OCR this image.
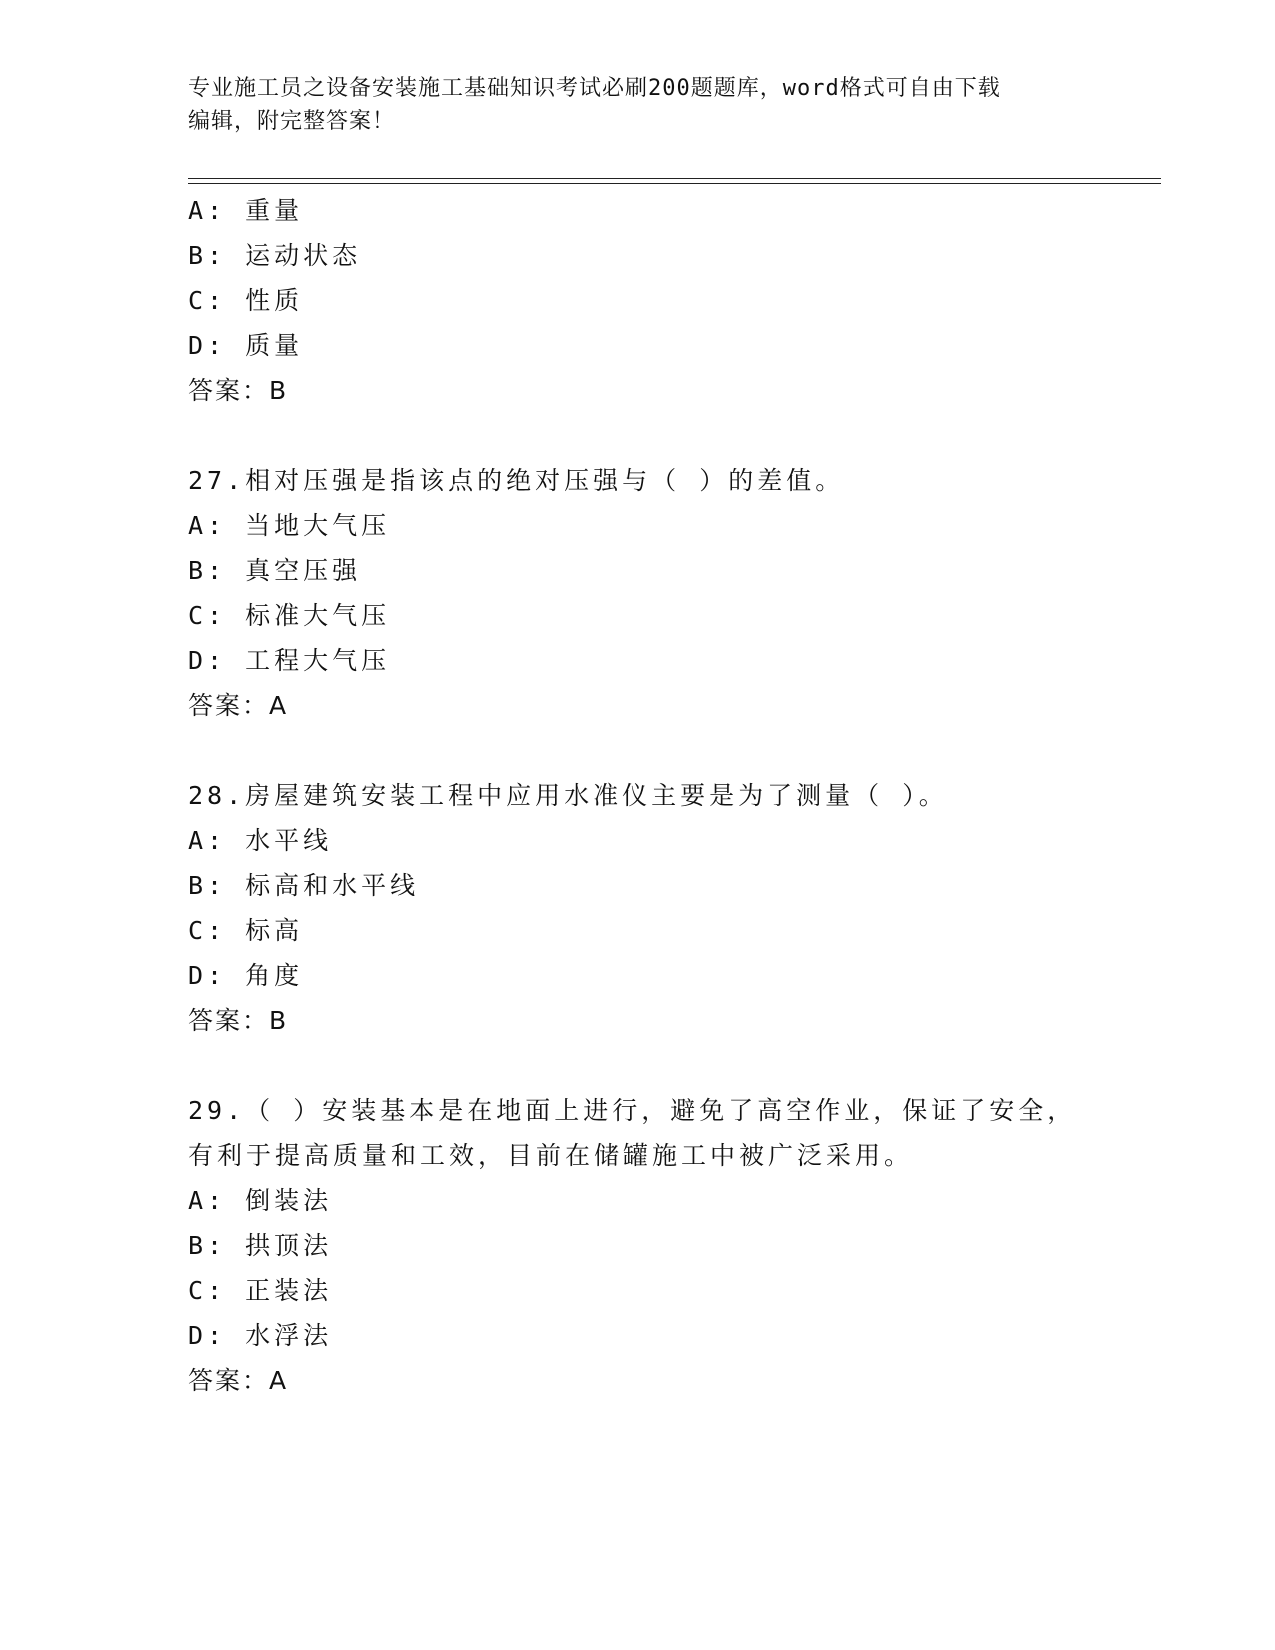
专业施工员之设备安装施工基础知识考试必刷200题题库，word格式可自由下载
编辑，附完整答案！
A: 重量
B: 运动状态
C: 性质
D: 质量
答案：B
27.相对压强是指该点的绝对压强与（ ）的差值。
A: 当地大气压
B: 真空压强
C: 标准大气压
D: 工程大气压
答案：A
28.房屋建筑安装工程中应用水准仪主要是为了测量（ ）。
A: 水平线
B: 标高和水平线
C: 标高
D: 角度
答案：B
29.（ ）安装基本是在地面上进行，避免了高空作业，保证了安全，
有利于提高质量和工效，目前在储罐施工中被广泛采用。
A: 倒装法
B: 拱顶法
C: 正装法
D: 水浮法
答案：A
